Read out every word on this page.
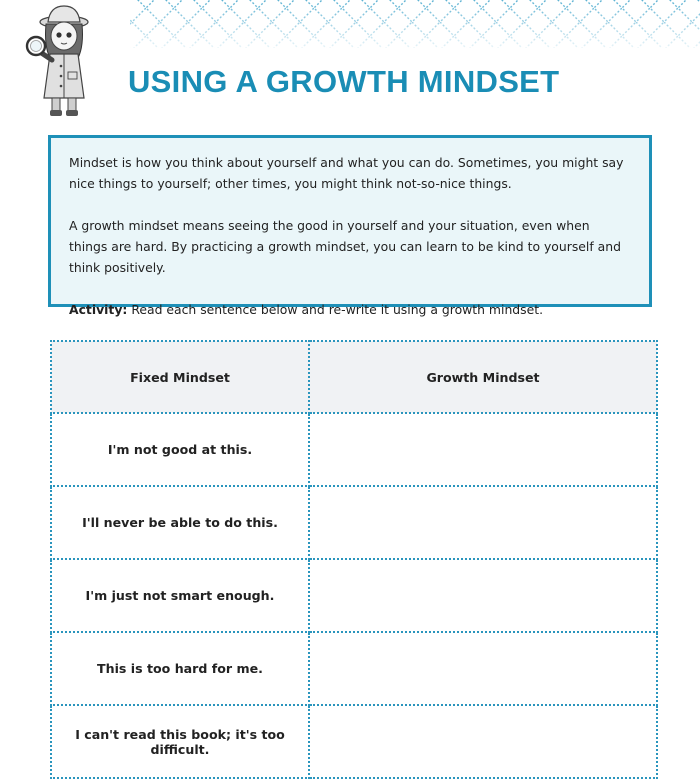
USING A GROWTH MINDSET

Mindset is how you think about yourself and what you can do. Sometimes, you might say nice things to yourself; other times, you might think not-so-nice things.

A growth mindset means seeing the good in yourself and your situation, even when things are hard. By practicing a growth mindset, you can learn to be kind to yourself and think positively.

Activity: Read each sentence below and re-write it using a growth mindset.

Fixed Mindset	Growth Mindset
I'm not good at this.	
I'll never be able to do this.	
I'm just not smart enough.	
This is too hard for me.	
I can't read this book; it's too difficult.	
